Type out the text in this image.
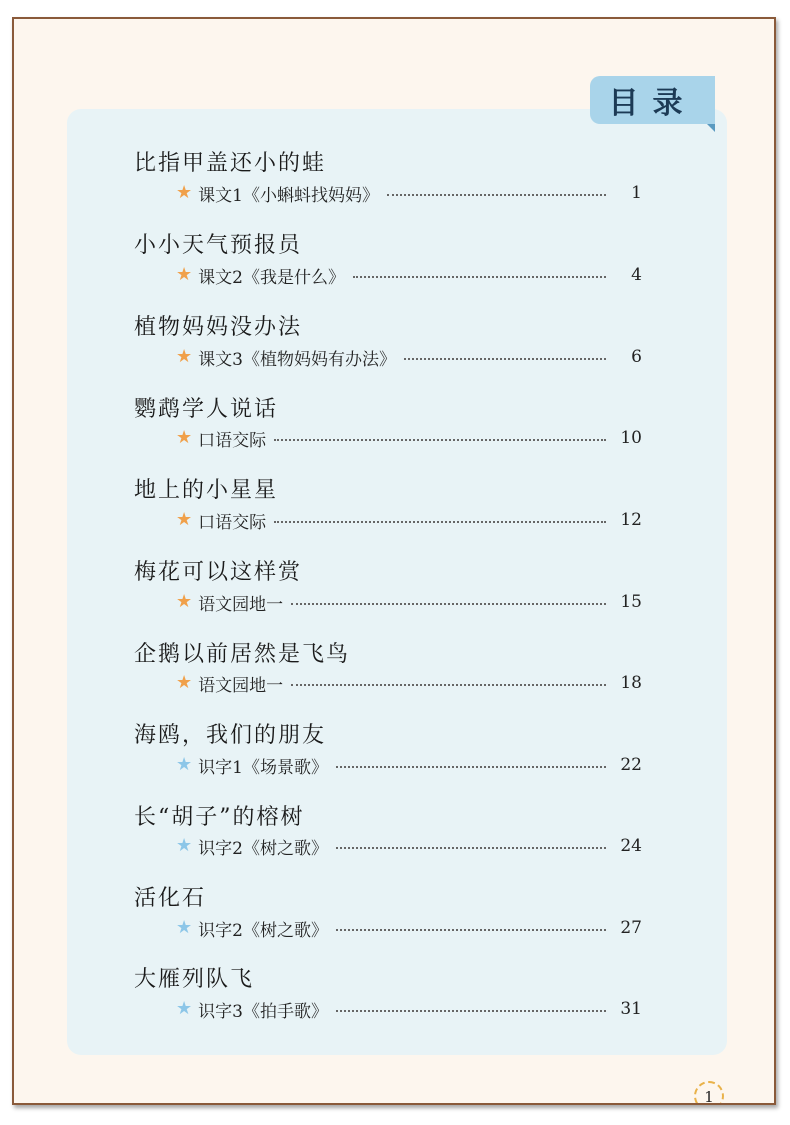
目录
比指甲盖还小的蛙
★ 课文1《小蝌蚪找妈妈》	1
小小天气预报员
★ 课文2《我是什么》	4
植物妈妈没办法
★ 课文3《植物妈妈有办法》	6
鹦鹉学人说话
★ 口语交际	10
地上的小星星
★ 口语交际	12
梅花可以这样赏
★ 语文园地一	15
企鹅以前居然是飞鸟
★ 语文园地一	18
海鸥，我们的朋友
★ 识字1《场景歌》	22
长“胡子”的榕树
★ 识字2《树之歌》	24
活化石
★ 识字2《树之歌》	27
大雁列队飞
★ 识字3《拍手歌》	31
1
